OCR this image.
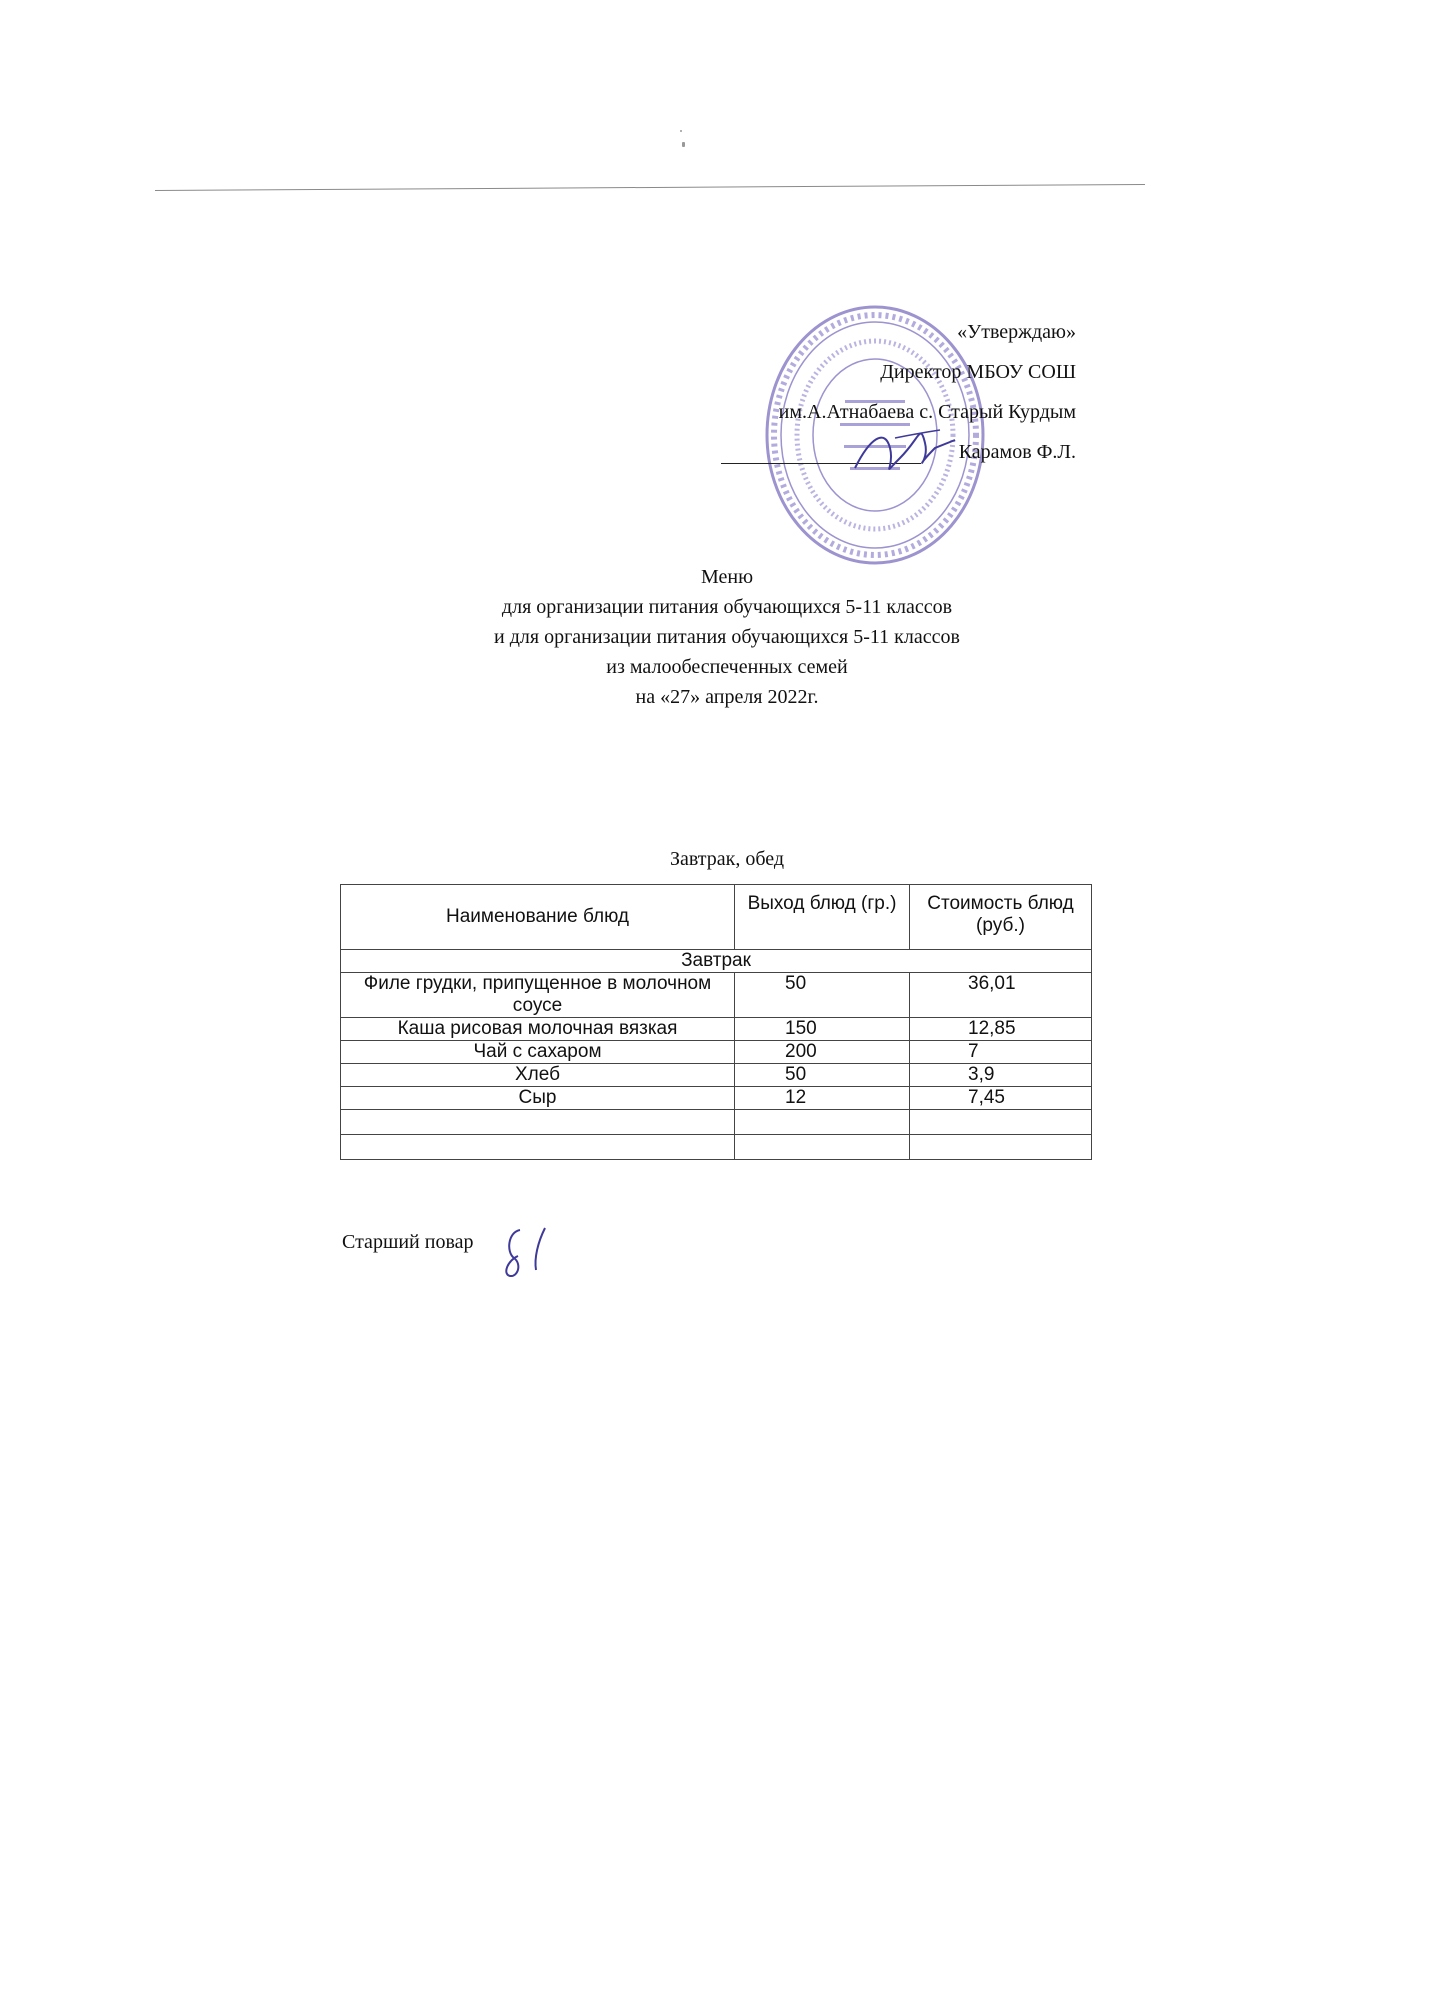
«Утверждаю»
Директор МБОУ СОШ
им.А.Атнабаева с. Старый Курдым
Карамов Ф.Л.
Меню
для организации питания обучающихся 5-11 классов
и для организации питания обучающихся 5-11 классов
из малообеспеченных семей
на «27» апреля 2022г.
Завтрак, обед
Наименование блюд	Выход блюд (гр.)	Стоимость блюд (руб.)
Завтрак		
Филе грудки, припущенное в молочном соусе	50	36,01
Каша рисовая молочная вязкая	150	12,85
Чай с сахаром	200	7
Хлеб	50	3,9
Сыр	12	7,45

Старший повар
